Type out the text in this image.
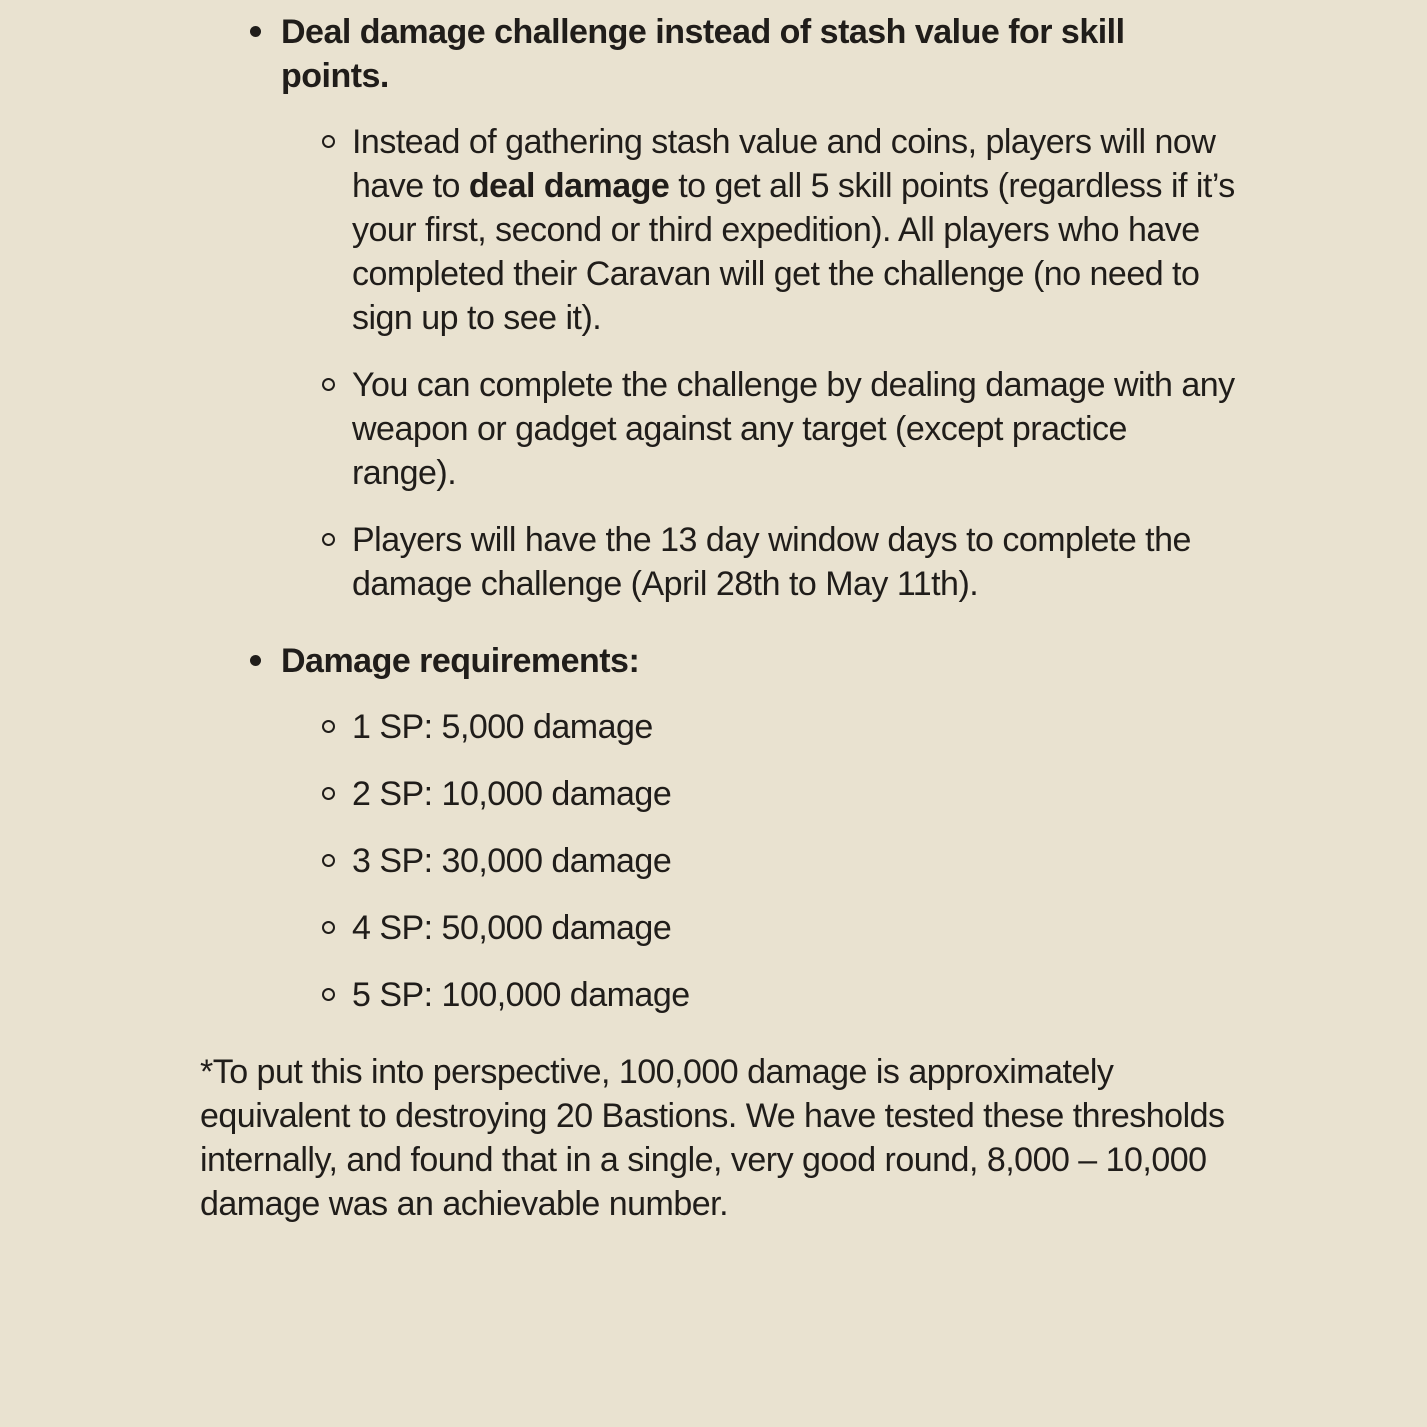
Deal damage challenge instead of stash value for skill points.
Instead of gathering stash value and coins, players will now have to deal damage to get all 5 skill points (regardless if it’s your first, second or third expedition). All players who have completed their Caravan will get the challenge (no need to sign up to see it).
You can complete the challenge by dealing damage with any weapon or gadget against any target (except practice range).
Players will have the 13 day window days to complete the damage challenge (April 28th to May 11th).
Damage requirements:
1 SP: 5,000 damage
2 SP: 10,000 damage
3 SP: 30,000 damage
4 SP: 50,000 damage
5 SP: 100,000 damage

*To put this into perspective, 100,000 damage is approximately equivalent to destroying 20 Bastions. We have tested these thresholds internally, and found that in a single, very good round, 8,000 – 10,000 damage was an achievable number.
